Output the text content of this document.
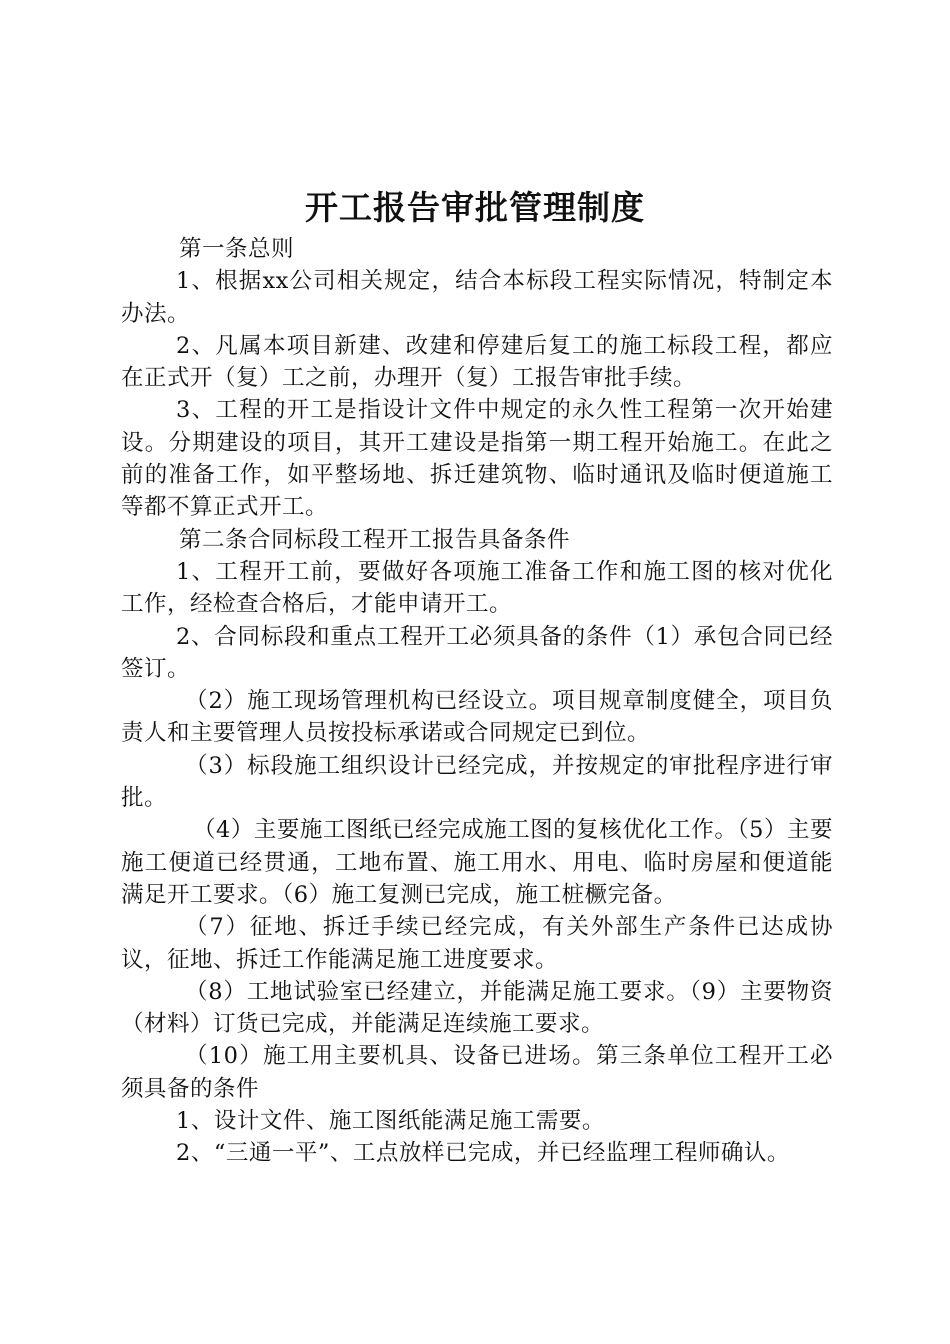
开工报告审批管理制度

第一条总则

1、根据xx公司相关规定，结合本标段工程实际情况，特制定本办法。

2、凡属本项目新建、改建和停建后复工的施工标段工程，都应在正式开（复）工之前，办理开（复）工报告审批手续。

3、工程的开工是指设计文件中规定的永久性工程第一次开始建设。分期建设的项目，其开工建设是指第一期工程开始施工。在此之前的准备工作，如平整场地、拆迁建筑物、临时通讯及临时便道施工等都不算正式开工。

第二条合同标段工程开工报告具备条件

1、工程开工前，要做好各项施工准备工作和施工图的核对优化工作，经检查合格后，才能申请开工。

2、合同标段和重点工程开工必须具备的条件（1）承包合同已经签订。

（2）施工现场管理机构已经设立。项目规章制度健全，项目负责人和主要管理人员按投标承诺或合同规定已到位。

（3）标段施工组织设计已经完成，并按规定的审批程序进行审批。

（4）主要施工图纸已经完成施工图的复核优化工作。（5）主要施工便道已经贯通，工地布置、施工用水、用电、临时房屋和便道能满足开工要求。（6）施工复测已完成，施工桩橛完备。

（7）征地、拆迁手续已经完成，有关外部生产条件已达成协议，征地、拆迁工作能满足施工进度要求。

（8）工地试验室已经建立，并能满足施工要求。（9）主要物资（材料）订货已完成，并能满足连续施工要求。

（10）施工用主要机具、设备已进场。第三条单位工程开工必须具备的条件

1、设计文件、施工图纸能满足施工需要。

2、“三通一平”、工点放样已完成，并已经监理工程师确认。
